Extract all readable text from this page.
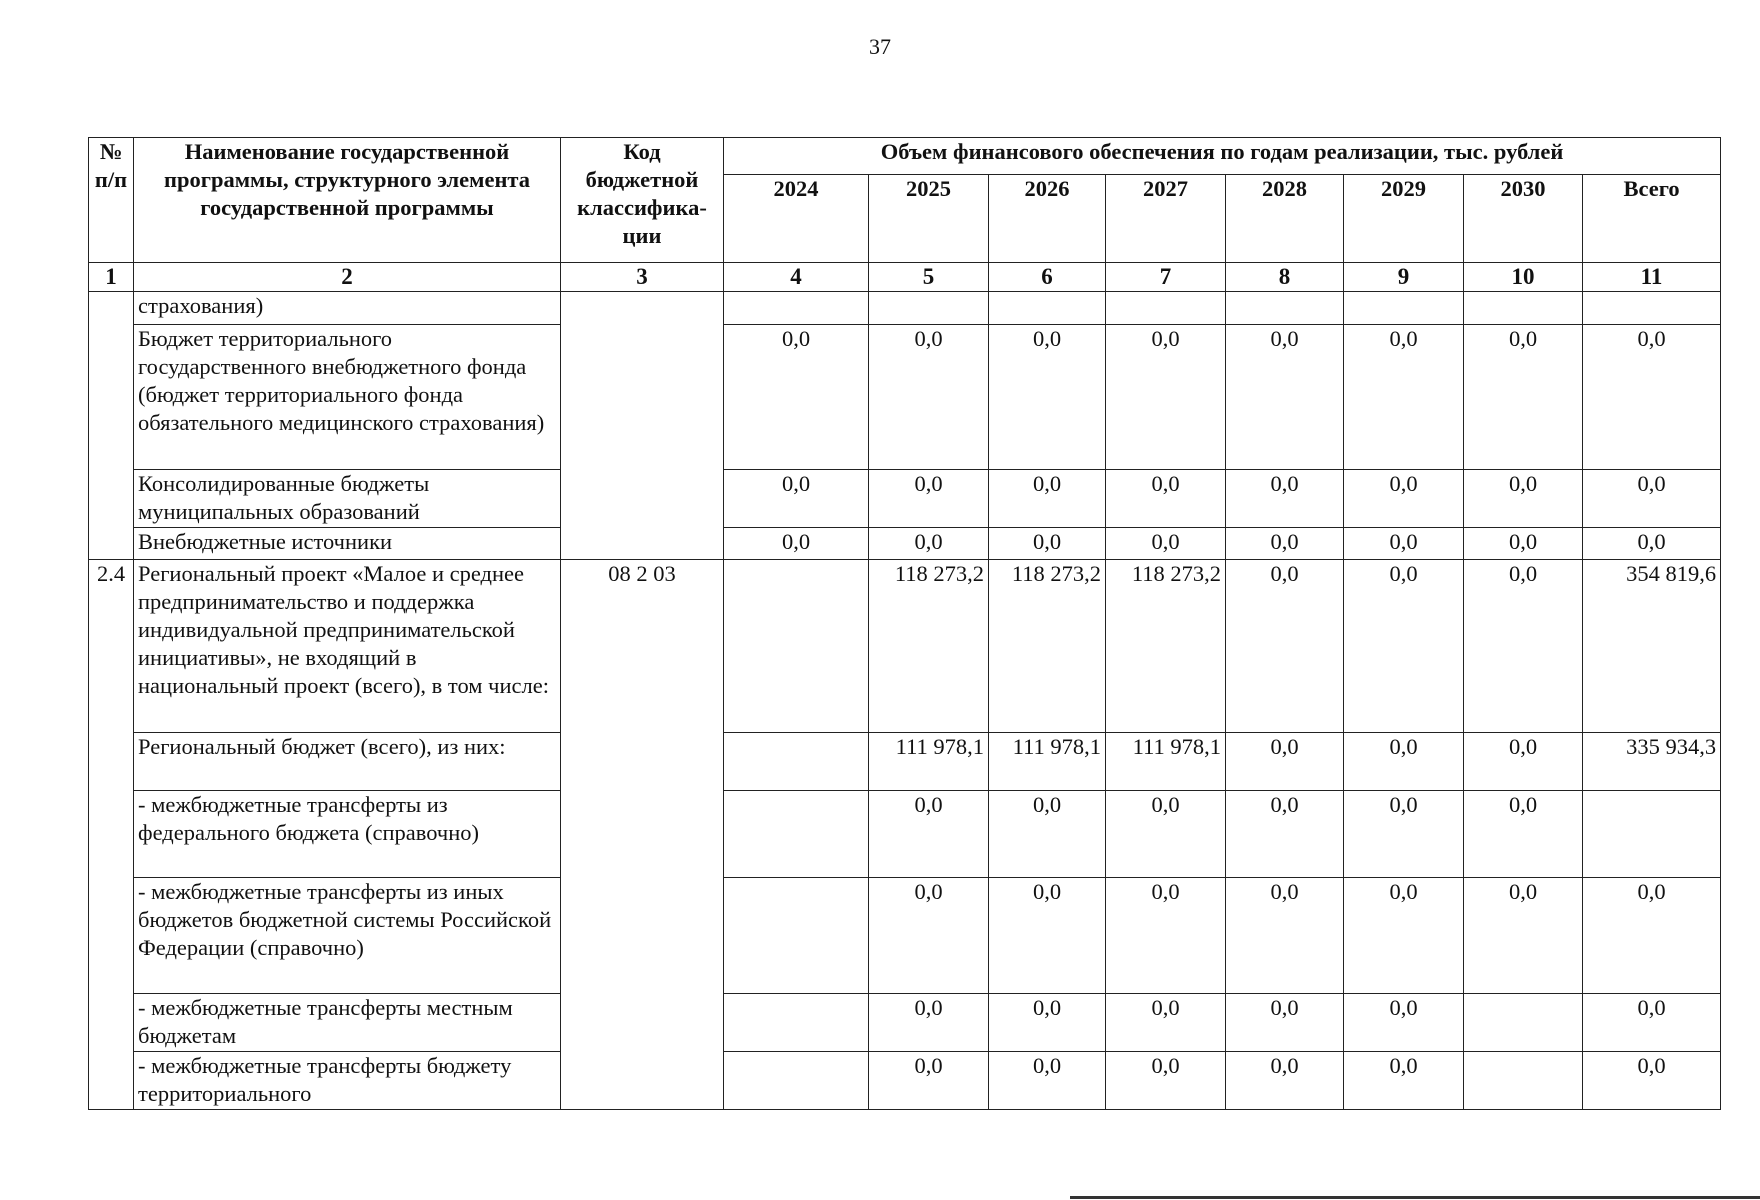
37
№ п/п	Наименование государственной программы, структурного элемента государственной программы	Код бюджетной классифика-ции	Объем финансового обеспечения по годам реализации, тыс. рублей							
			2024	2025	2026	2027	2028	2029	2030	Всего
1	2	3	4	5	6	7	8	9	10	11
	страхования)									
	Бюджет территориального государственного внебюджетного фонда (бюджет территориального фонда обязательного медицинского страхования)		0,0	0,0	0,0	0,0	0,0	0,0	0,0	0,0
	Консолидированные бюджеты муниципальных образований		0,0	0,0	0,0	0,0	0,0	0,0	0,0	0,0
	Внебюджетные источники		0,0	0,0	0,0	0,0	0,0	0,0	0,0	0,0
2.4	Региональный проект «Малое и среднее предпринимательство и поддержка индивидуальной предпринимательской инициативы», не входящий в национальный проект (всего), в том числе:	08 2 03		118 273,2	118 273,2	118 273,2	0,0	0,0	0,0	354 819,6
	Региональный бюджет (всего), из них:			111 978,1	111 978,1	111 978,1	0,0	0,0	0,0	335 934,3
	- межбюджетные трансферты из федерального бюджета (справочно)			0,0	0,0	0,0	0,0	0,0	0,0	
	- межбюджетные трансферты из иных бюджетов бюджетной системы Российской Федерации (справочно)			0,0	0,0	0,0	0,0	0,0	0,0	0,0
	- межбюджетные трансферты местным бюджетам			0,0	0,0	0,0	0,0	0,0		0,0
	- межбюджетные трансферты бюджету территориального			0,0	0,0	0,0	0,0	0,0		0,0
